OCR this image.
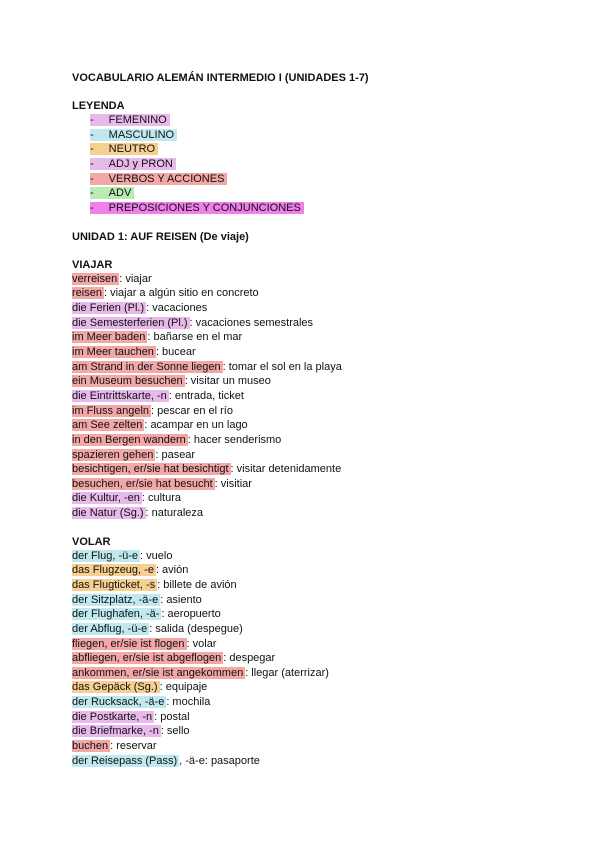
VOCABULARIO ALEMÁN INTERMEDIO I (UNIDADES 1-7)
LEYENDA
- FEMENINO
- MASCULINO
- NEUTRO
- ADJ y PRON
- VERBOS Y ACCIONES
- ADV
- PREPOSICIONES Y CONJUNCIONES
UNIDAD 1: AUF REISEN (De viaje)
VIAJAR
verreisen : viajar
reisen : viajar a algún sitio en concreto
die Ferien (Pl.) : vacaciones
die Semesterferien (Pl.) : vacaciones semestrales
im Meer baden : bañarse en el mar
im Meer tauchen : bucear
am Strand in der Sonne liegen : tomar el sol en la playa
ein Museum besuchen : visitar un museo
die Eintrittskarte, -n : entrada, ticket
im Fluss angeln : pescar en el río
am See zelten : acampar en un lago
in den Bergen wandern : hacer senderismo
spazieren gehen : pasear
besichtigen, er/sie hat besichtigt : visitar detenidamente
besuchen, er/sie hat besucht : visitiar
die Kultur, -en : cultura
die Natur (Sg.) : naturaleza
VOLAR
der Flug, -ü-e : vuelo
das Flugzeug, -e : avión
das Flugticket, -s : billete de avión
der Sitzplatz, -ä-e : asiento
der Flughafen, -ä- : aeropuerto
der Abflug, -ü-e : salida (despegue)
fliegen, er/sie ist flogen : volar
abfliegen, er/sie ist abgeflogen : despegar
ankommen, er/sie ist angekommen : llegar (aterrizar)
das Gepäck (Sg.) : equipaje
der Rucksack, -ä-e : mochila
die Postkarte, -n : postal
die Briefmarke, -n : sello
buchen : reservar
der Reisepass (Pass) , -ä-e: pasaporte
